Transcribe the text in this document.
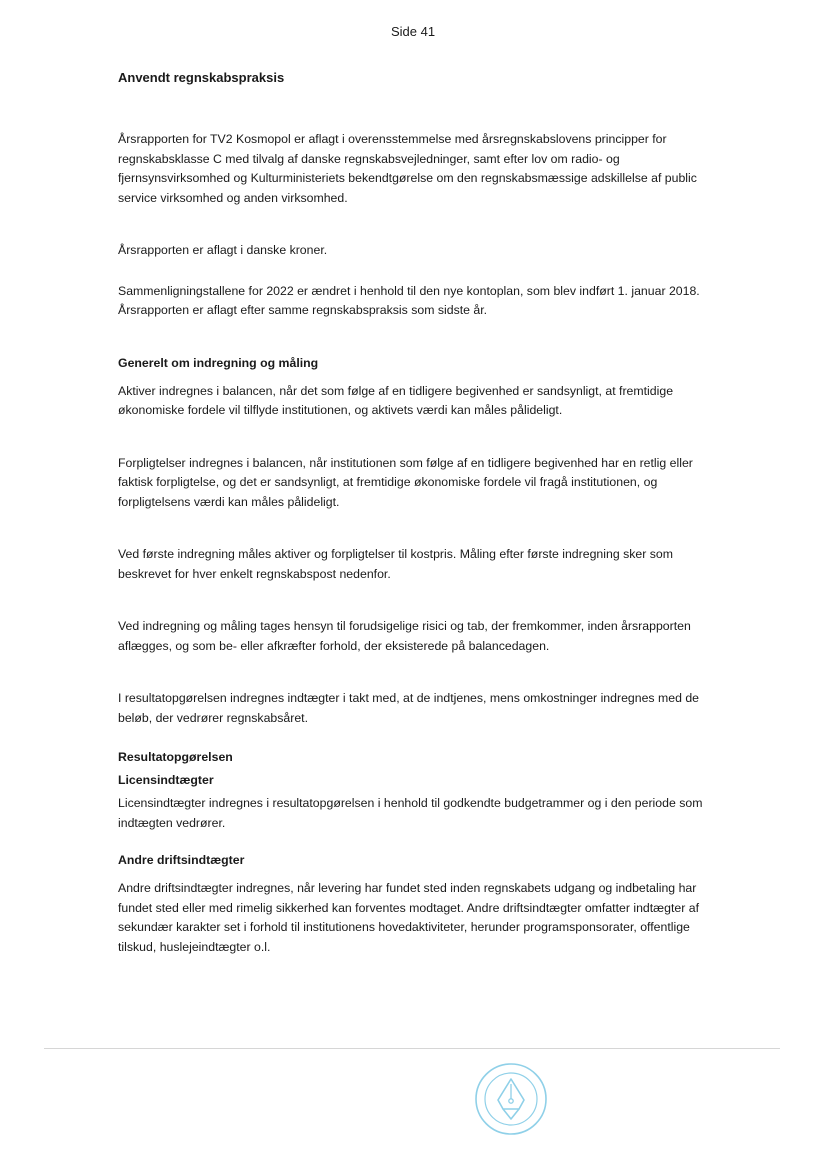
Side 41
Anvendt regnskabspraksis

Årsrapporten for TV2 Kosmopol er aflagt i overensstemmelse med årsregnskabslovens principper for regnskabsklasse C med tilvalg af danske regnskabsvejledninger, samt efter lov om radio- og fjernsynsvirksomhed og Kulturministeriets bekendtgørelse om den regnskabsmæssige adskillelse af public service virksomhed og anden virksomhed.

Årsrapporten er aflagt i danske kroner.

Sammenligningstallene for 2022 er ændret i henhold til den nye kontoplan, som blev indført 1. januar 2018. Årsrapporten er aflagt efter samme regnskabspraksis som sidste år.

Generelt om indregning og måling

Aktiver indregnes i balancen, når det som følge af en tidligere begivenhed er sandsynligt, at fremtidige økonomiske fordele vil tilflyde institutionen, og aktivets værdi kan måles pålideligt.

Forpligtelser indregnes i balancen, når institutionen som følge af en tidligere begivenhed har en retlig eller faktisk forpligtelse, og det er sandsynligt, at fremtidige økonomiske fordele vil fragå institutionen, og forpligtelsens værdi kan måles pålideligt.

Ved første indregning måles aktiver og forpligtelser til kostpris. Måling efter første indregning sker som beskrevet for hver enkelt regnskabspost nedenfor.

Ved indregning og måling tages hensyn til forudsigelige risici og tab, der fremkommer, inden årsrapporten aflægges, og som be- eller afkræfter forhold, der eksisterede på balancedagen.

I resultatopgørelsen indregnes indtægter i takt med, at de indtjenes, mens omkostninger indregnes med de beløb, der vedrører regnskabsåret.

Resultatopgørelsen
Licensindtægter

Licensindtægter indregnes i resultatopgørelsen i henhold til godkendte budgetrammer og i den periode som indtægten vedrører.

Andre driftsindtægter

Andre driftsindtægter indregnes, når levering har fundet sted inden regnskabets udgang og indbetaling har fundet sted eller med rimelig sikkerhed kan forventes modtaget. Andre driftsindtægter omfatter indtægter af sekundær karakter set i forhold til institutionens hovedaktiviteter, herunder programsponsorater, offentlige tilskud, huslejeindtægter o.l.
